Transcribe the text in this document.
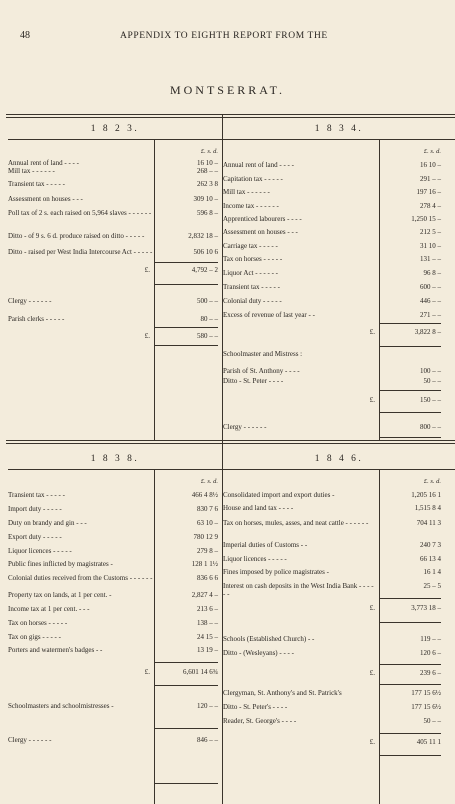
48	APPENDIX TO EIGHTH REPORT FROM THE
MONTSERRAT.
1 8 2 3.
£. s. d.
Annual rent of land - - - -	16 10 –
Mill tax - - - - - -	268 – –
Transient tax - - - - -	262 3 8
Assessment on houses - - -	309 10 –
Poll tax of 2 s. each raised on 5,964 slaves - - - - - -	596 8 –
Ditto - of 9 s. 6 d. produce raised on ditto - - - - -	2,832 18 –
Ditto - raised per West India Intercourse Act - - - - -	506 10 6
£.	4,792 – 2
Clergy - - - - - -	500 – –
Parish clerks - - - - -	80 – –
£.	580 – –
1 8 3 4.
£. s. d.
Annual rent of land - - - -	16 10 –
Capitation tax - - - - -	291 – –
Mill tax - - - - - -	197 16 –
Income tax - - - - - -	278 4 –
Apprenticed labourers - - - -	1,250 15 –
Assessment on houses - - -	212 5 –
Carriage tax - - - - -	31 10 –
Tax on horses - - - - -	131 – –
Liquor Act - - - - - -	96 8 –
Transient tax - - - - -	600 – –
Colonial duty - - - - -	446 – –
Excess of revenue of last year - -	271 – –
£.	3,822 8 –
Schoolmaster and Mistress :
Parish of St. Anthony - - - -	100 – –
Ditto - St. Peter - - - -	50 – –
£.	150 – –
Clergy - - - - - -	800 – –
1 8 3 8.
£. s. d.
Transient tax - - - - -	466 4 8½
Import duty - - - - -	830 7 6
Duty on brandy and gin - - -	63 10 –
Export duty - - - - -	780 12 9
Liquor licences - - - - -	279 8 –
Public fines inflicted by magistrates -	128 1 1½
Colonial duties received from the Customs - - - - - -	836 6 6
Property tax on lands, at 1 per cent. -	2,827 4 –
Income tax at 1 per cent. - - -	213 6 –
Tax on horses - - - - -	138 – –
Tax on gigs - - - - -	24 15 –
Porters and watermen's badges - -	13 19 –
£.	6,601 14 6¾
Schoolmasters and schoolmistresses -	120 – –
Clergy - - - - - -	846 – –
1 8 4 6.
£. s. d.
Consolidated import and export duties -	1,205 16 1
House and land tax - - - -	1,515 8 4
Tax on horses, mules, asses, and neat cattle - - - - - -	704 11 3
Imperial duties of Customs - -	240 7 3
Liquor licences - - - - -	66 13 4
Fines imposed by police magistrates -	16 1 4
Interest on cash deposits in the West India Bank - - - - - -
25 – 5
£.	3,773 18 –
Schools (Established Church) - -	119 – –
Ditto - (Wesleyans) - - - -	120 6 –
£.	239 6 –
Clergyman, St. Anthony's and St. Patrick's	177 15 6½
Ditto - St. Peter's - - - -	177 15 6½
Reader, St. George's - - - -	50 – –
£.	405 11 1
